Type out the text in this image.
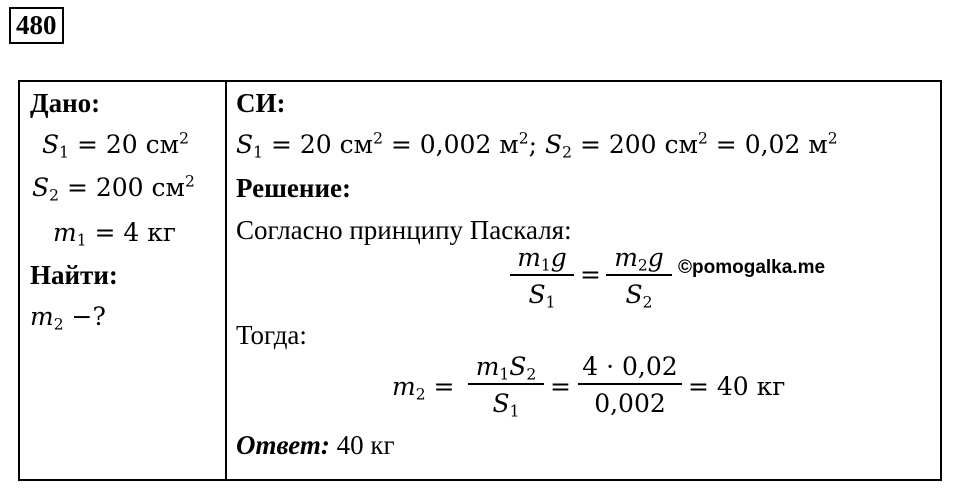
480
Дано:
$S_1 = 20$ $см^2$
$S_2 = 200$ $см^2$
$m_1 = 4$ кг
Найти:
$m_2$ −?
СИ:
$S_1 = 20$ $см^2 = 0,002$ $м^2$; $S_2 = 200$ $см^2 = 0,02$ $м^2$
Решение:
Согласно принципу Паскаля:
$m_1g$
$S_1$
=
$m_2g$
$S_2$
©pomogalka.me
Тогда:
$m_2$ =
$m_1S_2$
$S_1$
=
4 · 0,02
0,002
= 40 кг
Ответ: 40 кг
